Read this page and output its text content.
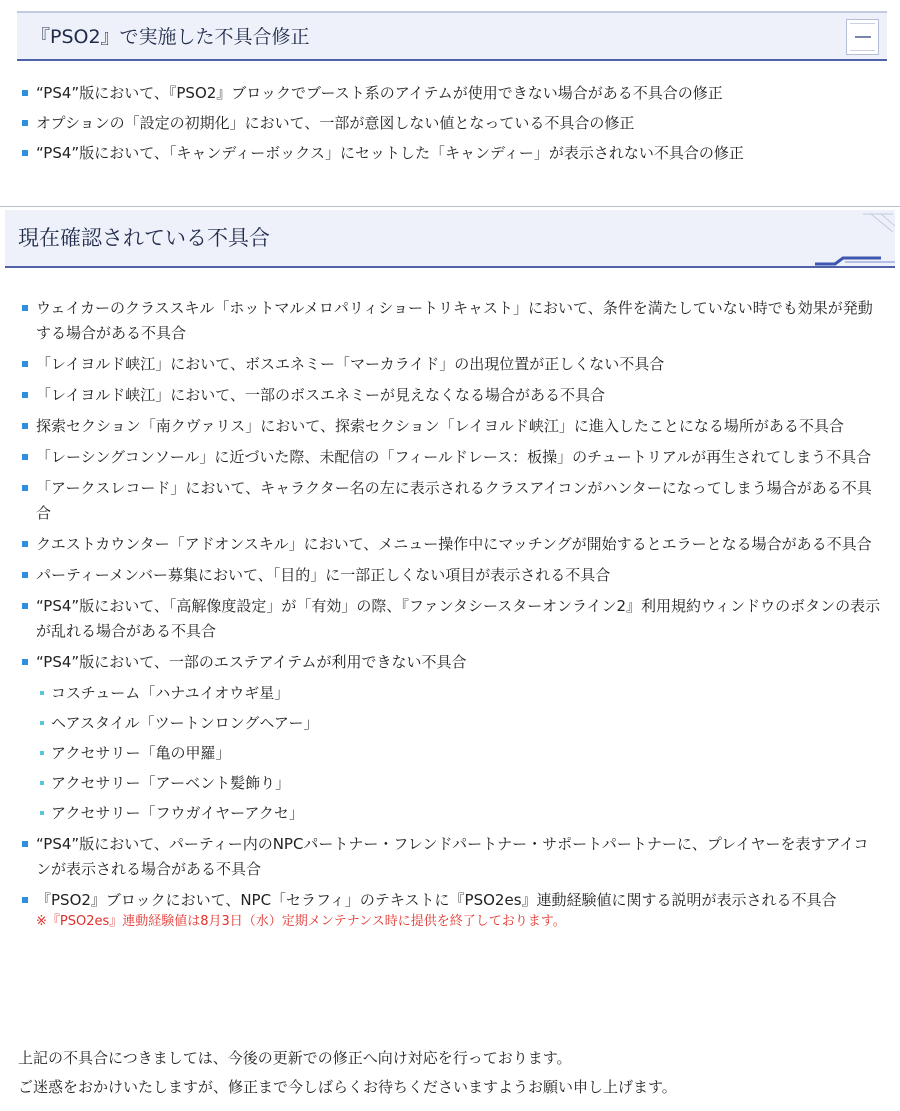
『PSO2』で実施した不具合修正
“PS4”版において、『PSO2』ブロックでブースト系のアイテムが使用できない場合がある不具合の修正
オプションの「設定の初期化」において、一部が意図しない値となっている不具合の修正
“PS4”版において、「キャンディーボックス」にセットした「キャンディー」が表示されない不具合の修正
現在確認されている不具合
ウェイカーのクラススキル「ホットマルメロパリィショートリキャスト」において、条件を満たしていない時でも効果が発動する場合がある不具合
「レイヨルド峡江」において、ボスエネミー「マーカライド」の出現位置が正しくない不具合
「レイヨルド峡江」において、一部のボスエネミーが見えなくなる場合がある不具合
探索セクション「南クヴァリス」において、探索セクション「レイヨルド峡江」に進入したことになる場所がある不具合
「レーシングコンソール」に近づいた際、未配信の「フィールドレース：板操」のチュートリアルが再生されてしまう不具合
「アークスレコード」において、キャラクター名の左に表示されるクラスアイコンがハンターになってしまう場合がある不具合
クエストカウンター「アドオンスキル」において、メニュー操作中にマッチングが開始するとエラーとなる場合がある不具合
パーティーメンバー募集において、「目的」に一部正しくない項目が表示される不具合
“PS4”版において、「高解像度設定」が「有効」の際、『ファンタシースターオンライン2』利用規約ウィンドウのボタンの表示が乱れる場合がある不具合
“PS4”版において、一部のエステアイテムが利用できない不具合
コスチューム「ハナユイオウギ星」
ヘアスタイル「ツートンロングヘアー」
アクセサリー「亀の甲羅」
アクセサリー「アーベント髪飾り」
アクセサリー「フウガイヤーアクセ」
“PS4”版において、パーティー内のNPCパートナー・フレンドパートナー・サポートパートナーに、プレイヤーを表すアイコンが表示される場合がある不具合
『PSO2』ブロックにおいて、NPC「セラフィ」のテキストに『PSO2es』連動経験値に関する説明が表示される不具合
※『PSO2es』連動経験値は8月3日（水）定期メンテナンス時に提供を終了しております。

上記の不具合につきましては、今後の更新での修正へ向け対応を行っております。

ご迷惑をおかけいたしますが、修正まで今しばらくお待ちくださいますようお願い申し上げます。
